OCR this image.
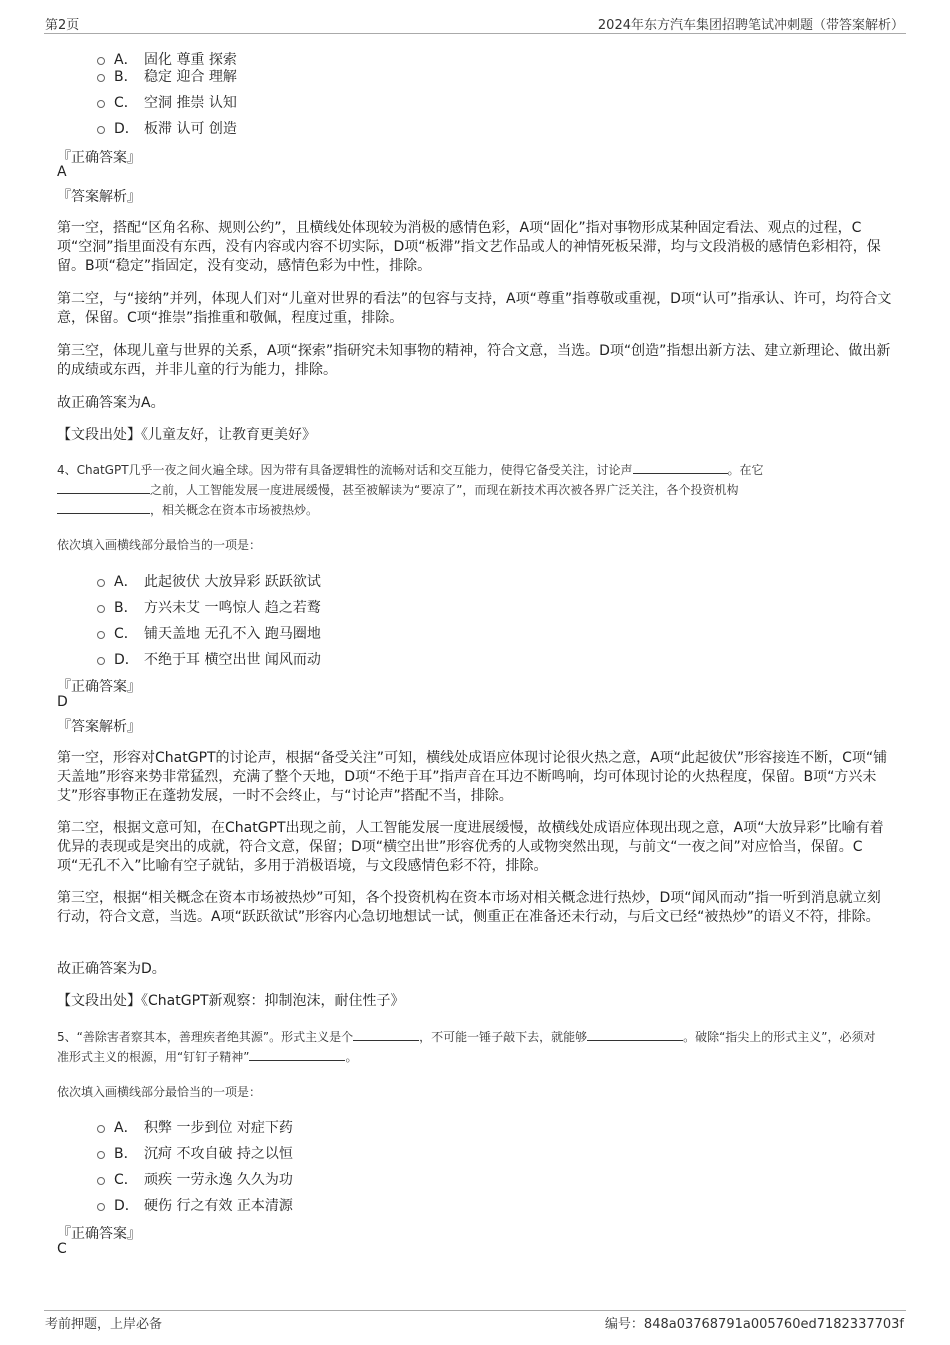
第2页	2024年东方汽车集团招聘笔试冲刺题（带答案解析）
A． 固化 尊重 探索
B． 稳定 迎合 理解
C． 空洞 推崇 认知
D． 板滞 认可 创造
『正确答案』
A
『答案解析』
第一空，搭配“区角名称、规则公约”，且横线处体现较为消极的感情色彩，A项“固化”指对事物形成某种固定看法、观点的过程，C项“空洞”指里面没有东西，没有内容或内容不切实际，D项“板滞”指文艺作品或人的神情死板呆滞，均与文段消极的感情色彩相符，保留。B项“稳定”指固定，没有变动，感情色彩为中性，排除。
第二空，与“接纳”并列，体现人们对“儿童对世界的看法”的包容与支持，A项“尊重”指尊敬或重视，D项“认可”指承认、许可，均符合文意，保留。C项“推崇”指推重和敬佩，程度过重，排除。
第三空，体现儿童与世界的关系，A项“探索”指研究未知事物的精神，符合文意，当选。D项“创造”指想出新方法、建立新理论、做出新的成绩或东西，并非儿童的行为能力，排除。
故正确答案为A。
【文段出处】《儿童友好，让教育更美好》
4、ChatGPT几乎一夜之间火遍全球。因为带有具备逻辑性的流畅对话和交互能力，使得它备受关注，讨论声	。在它
之前，人工智能发展一度进展缓慢，甚至被解读为“要凉了”，而现在新技术再次被各界广泛关注，各个投资机构
，相关概念在资本市场被热炒。
依次填入画横线部分最恰当的一项是：
A． 此起彼伏 大放异彩 跃跃欲试
B． 方兴未艾 一鸣惊人 趋之若鹜
C． 铺天盖地 无孔不入 跑马圈地
D． 不绝于耳 横空出世 闻风而动
『正确答案』
D
『答案解析』
第一空，形容对ChatGPT的讨论声，根据“备受关注”可知，横线处成语应体现讨论很火热之意，A项“此起彼伏”形容接连不断，C项“铺天盖地”形容来势非常猛烈，充满了整个天地，D项“不绝于耳”指声音在耳边不断鸣响，均可体现讨论的火热程度，保留。B项“方兴未艾”形容事物正在蓬勃发展，一时不会终止，与“讨论声”搭配不当，排除。
第二空，根据文意可知，在ChatGPT出现之前，人工智能发展一度进展缓慢，故横线处成语应体现出现之意，A项“大放异彩”比喻有着优异的表现或是突出的成就，符合文意，保留；D项“横空出世”形容优秀的人或物突然出现，与前文“一夜之间”对应恰当，保留。C项“无孔不入”比喻有空子就钻，多用于消极语境，与文段感情色彩不符，排除。
第三空，根据“相关概念在资本市场被热炒”可知，各个投资机构在资本市场对相关概念进行热炒，D项“闻风而动”指一听到消息就立刻行动，符合文意，当选。A项“跃跃欲试”形容内心急切地想试一试，侧重正在准备还未行动，与后文已经“被热炒”的语义不符，排除。
故正确答案为D。
【文段出处】《ChatGPT新观察：抑制泡沫，耐住性子》
5、“善除害者察其本，善理疾者绝其源”。形式主义是个	，不可能一锤子敲下去，就能够	。破除“指尖上的形式主义”，必须对准形式主义的根源，用“钉钉子精神”	。
依次填入画横线部分最恰当的一项是：
A． 积弊 一步到位 对症下药
B． 沉疴 不攻自破 持之以恒
C． 顽疾 一劳永逸 久久为功
D． 硬伤 行之有效 正本清源
『正确答案』
C
考前押题，上岸必备	编号：848a03768791a005760ed7182337703f
